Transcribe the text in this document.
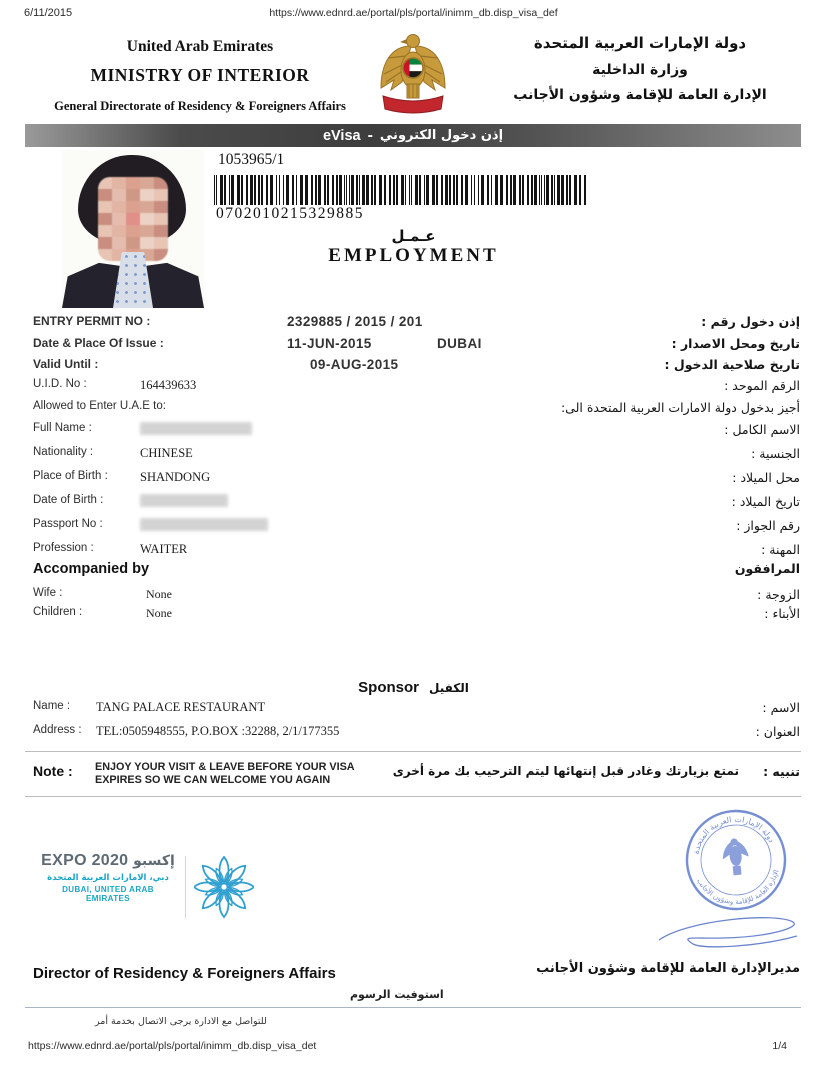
6/11/2015	https://www.ednrd.ae/portal/pls/portal/inimm_db.disp_visa_def
United Arab Emirates
MINISTRY OF INTERIOR
General Directorate of Residency & Foreigners Affairs
دولة الإمارات العربية المتحدة
وزارة الداخلية
الإدارة العامة للإقامة وشؤون الأجانب
eVisa - إذن دخول الكتروني
1053965/1
0702010215329885
عـمـل
EMPLOYMENT
ENTRY PERMIT NO :	2329885 / 2015 / 201	إذن دخول رقم :
Date & Place Of Issue :	11-JUN-2015	DUBAI	تاريخ ومحل الاصدار :
Valid Until :	09-AUG-2015	تاريخ صلاحية الدخول :
U.I.D. No :	164439633	الرقم الموحد :
Allowed to Enter U.A.E to:	أجيز بدخول دولة الامارات العربية المتحدة الى:
Full Name :	الاسم الكامل :
Nationality :	CHINESE	الجنسية :
Place of Birth :	SHANDONG	محل الميلاد :
Date of Birth :	تاريخ الميلاد :
Passport No :	رقم الجواز :
Profession :	WAITER	المهنة :
Accompanied by	المرافقون
Wife :	None	الزوجة :
Children :	None	الأبناء :
Sponsor الكفيل
Name : TANG PALACE RESTAURANT	الاسم :
Address : TEL:0505948555, P.O.BOX :32288, 2/1/177355	العنوان :
Note : ENJOY YOUR VISIT & LEAVE BEFORE YOUR VISA EXPIRES SO WE CAN WELCOME YOU AGAIN
تمتع بزيارتك وغادر قبل إنتهائها ليتم الترحيب بك مرة أخرى تنبيه :
EXPO 2020 إكسبو
دبي، الامارات العربية المتحدة
DUBAI, UNITED ARAB EMIRATES
دولة الإمارات العربية المتحدة
الإدارة العامة للإقامة وشؤون الأجانب
Director of Residency & Foreigners Affairs	مديرالإدارة العامة للإقامة وشؤون الأجانب
استوفيت الرسوم
للتواصل مع الادارة يرجى الاتصال بخدمة أمر
https://www.ednrd.ae/portal/pls/portal/inimm_db.disp_visa_det	1/4
